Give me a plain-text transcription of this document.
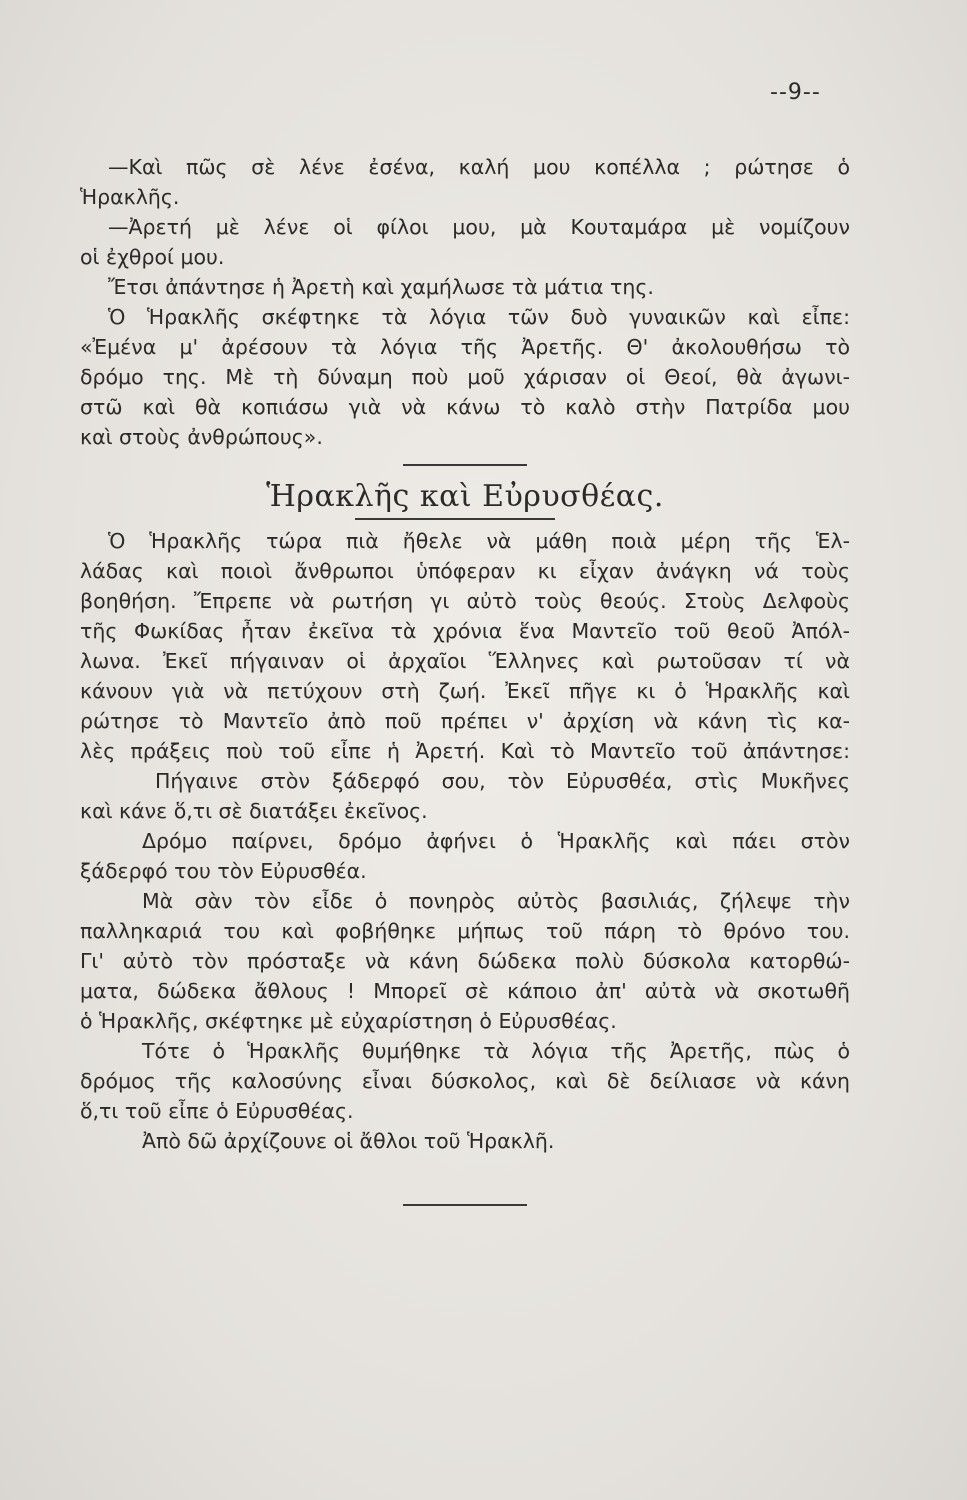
--9--
—Καὶ πῶς σὲ λένε ἐσένα, καλή μου κοπέλλα ; ρώτησε ὁ
Ἡρακλῆς.
—Ἀρετή μὲ λένε οἱ φίλοι μου, μὰ Κουταμάρα μὲ νομίζουν
οἱ ἐχθροί μου.
Ἔτσι ἀπάντησε ἡ Ἀρετὴ καὶ χαμήλωσε τὰ μάτια της.
Ὁ Ἡρακλῆς σκέφτηκε τὰ λόγια τῶν δυὸ γυναικῶν καὶ εἶπε:
«Ἐμένα μ' ἀρέσουν τὰ λόγια τῆς Ἀρετῆς. Θ' ἀκολουθήσω τὸ
δρόμο της. Μὲ τὴ δύναμη ποὺ μοῦ χάρισαν οἱ Θεοί, θὰ ἀγωνι-
στῶ καὶ θὰ κοπιάσω γιὰ νὰ κάνω τὸ καλὸ στὴν Πατρίδα μου
καὶ στοὺς ἀνθρώπους».
Ἡρακλῆς καὶ Εὐρυσθέας.
Ὁ Ἡρακλῆς τώρα πιὰ ἤθελε νὰ μάθη ποιὰ μέρη τῆς Ἑλ-
λάδας καὶ ποιοὶ ἄνθρωποι ὑπόφεραν κι εἶχαν ἀνάγκη νά τοὺς
βοηθήση. Ἔπρεπε νὰ ρωτήση γι αὐτὸ τοὺς θεούς. Στοὺς Δελφοὺς
τῆς Φωκίδας ἦταν ἐκεῖνα τὰ χρόνια ἕνα Μαντεῖο τοῦ θεοῦ Ἀπόλ-
λωνα. Ἐκεῖ πήγαιναν οἱ ἀρχαῖοι Ἕλληνες καὶ ρωτοῦσαν τί νὰ
κάνουν γιὰ νὰ πετύχουν στὴ ζωή. Ἐκεῖ πῆγε κι ὁ Ἡρακλῆς καὶ
ρώτησε τὸ Μαντεῖο ἀπὸ ποῦ πρέπει ν' ἀρχίση νὰ κάνη τὶς κα-
λὲς πράξεις ποὺ τοῦ εἶπε ἡ Ἀρετή. Καὶ τὸ Μαντεῖο τοῦ ἀπάντησε:
Πήγαινε στὸν ξάδερφό σου, τὸν Εὐρυσθέα, στὶς Μυκῆνες
καὶ κάνε ὅ,τι σὲ διατάξει ἐκεῖνος.
Δρόμο παίρνει, δρόμο ἀφήνει ὁ Ἡρακλῆς καὶ πάει στὸν
ξάδερφό του τὸν Εὐρυσθέα.
Μὰ σὰν τὸν εἶδε ὁ πονηρὸς αὐτὸς βασιλιάς, ζήλεψε τὴν
παλληκαριά του καὶ φοβήθηκε μήπως τοῦ πάρη τὸ θρόνο του.
Γι' αὐτὸ τὸν πρόσταξε νὰ κάνη δώδεκα πολὺ δύσκολα κατορθώ-
ματα, δώδεκα ἄθλους ! Μπορεῖ σὲ κάποιο ἀπ' αὐτὰ νὰ σκοτωθῆ
ὁ Ἡρακλῆς, σκέφτηκε μὲ εὐχαρίστηση ὁ Εὐρυσθέας.
Τότε ὁ Ἡρακλῆς θυμήθηκε τὰ λόγια τῆς Ἀρετῆς, πὼς ὁ
δρόμος τῆς καλοσύνης εἶναι δύσκολος, καὶ δὲ δείλιασε νὰ κάνη
ὅ,τι τοῦ εἶπε ὁ Εὐρυσθέας.
Ἀπὸ δῶ ἀρχίζουνε οἱ ἄθλοι τοῦ Ἡρακλῆ.
